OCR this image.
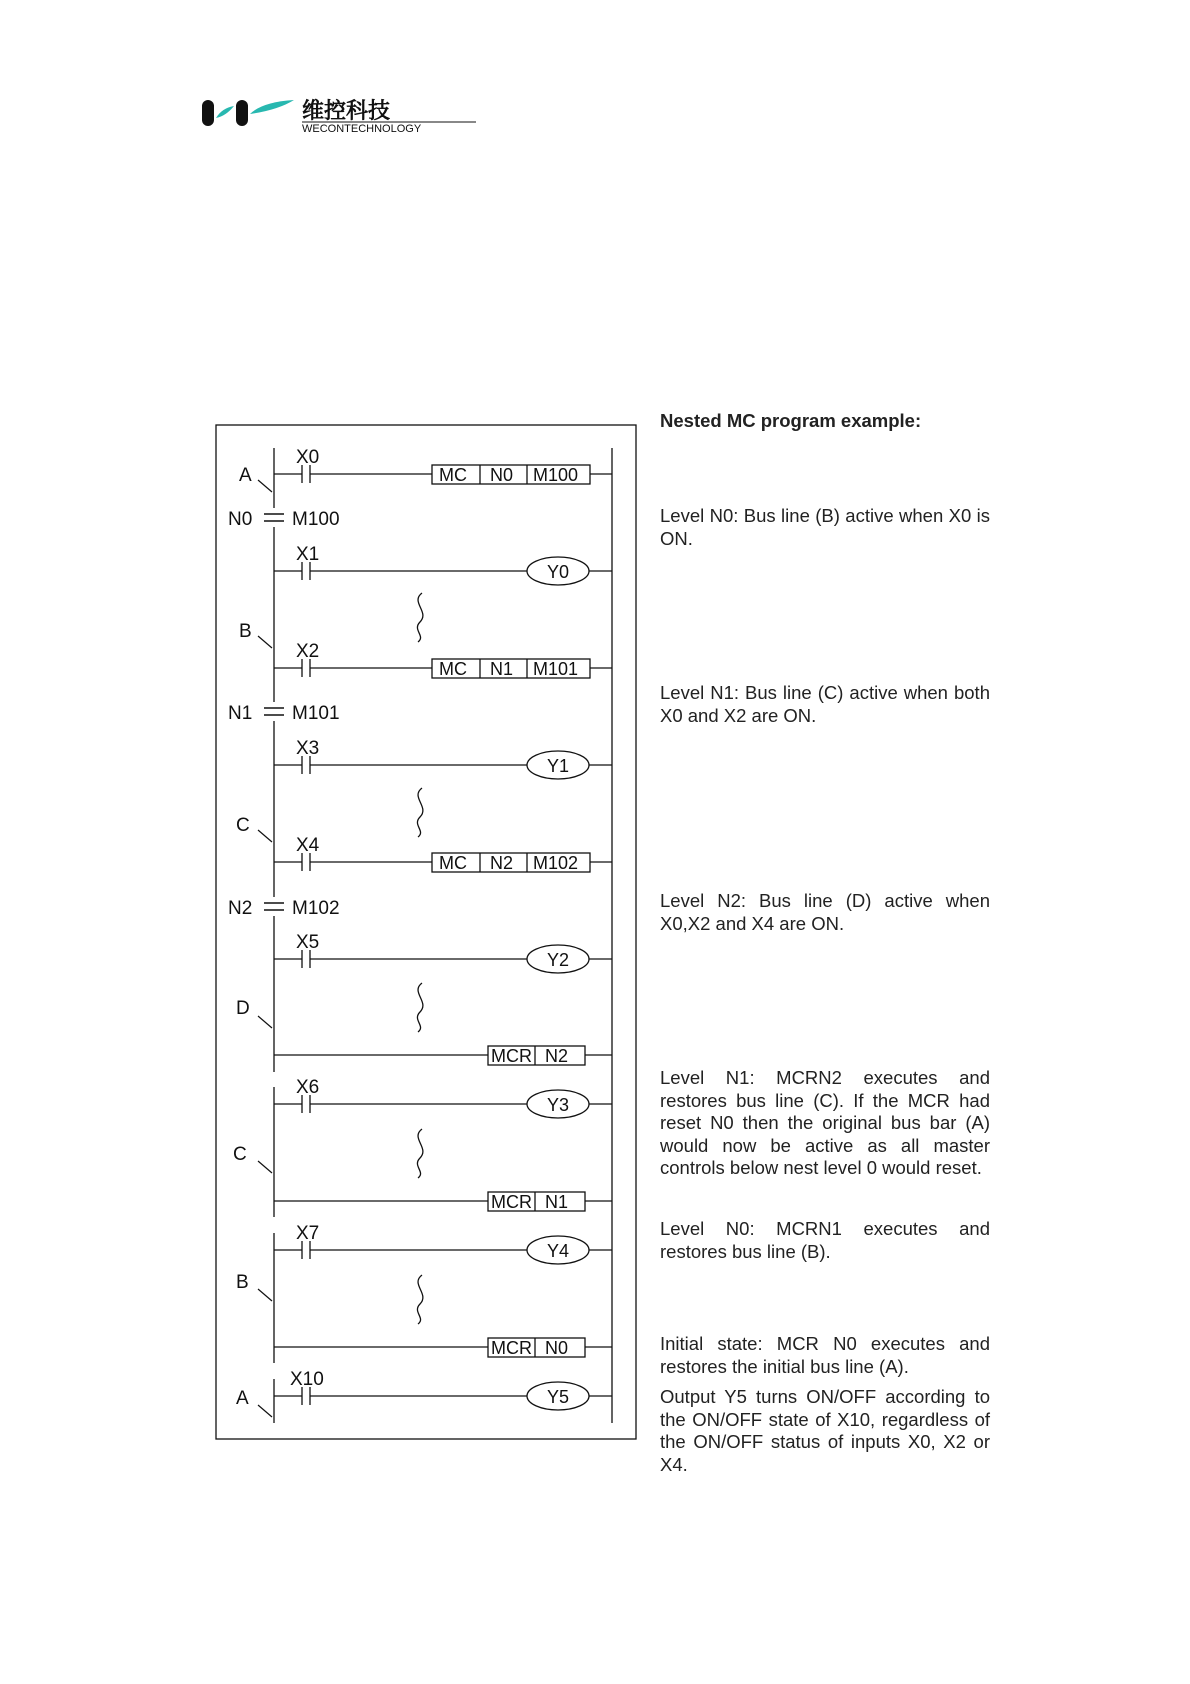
维控科技
WECONTECHNOLOGY
A
X0
MC N0 M100
N0 M100
X1
Y0
B
X2
MC N1 M101
N1 M101
X3
Y1
C
X4
MC N2 M102
N2 M102
X5
Y2
D
MCR N2
X6
Y3
C
MCR N1
X7
Y4
B
MCR N0
A
X10
Y5
Nested MC program example:

Level N0: Bus line (B) active when X0 is ON.

Level N1: Bus line (C) active when both X0 and X2 are ON.

Level N2: Bus line (D) active when X0,X2 and X4 are ON.

Level N1: MCRN2 executes and restores bus line (C). If the MCR had reset N0 then the original bus bar (A) would now be active as all master controls below nest level 0 would reset.

Level N0: MCRN1 executes and restores bus line (B).

Initial state: MCR N0 executes and restores the initial bus line (A).

Output Y5 turns ON/OFF according to the ON/OFF state of X10, regardless of the ON/OFF status of inputs X0, X2 or X4.
